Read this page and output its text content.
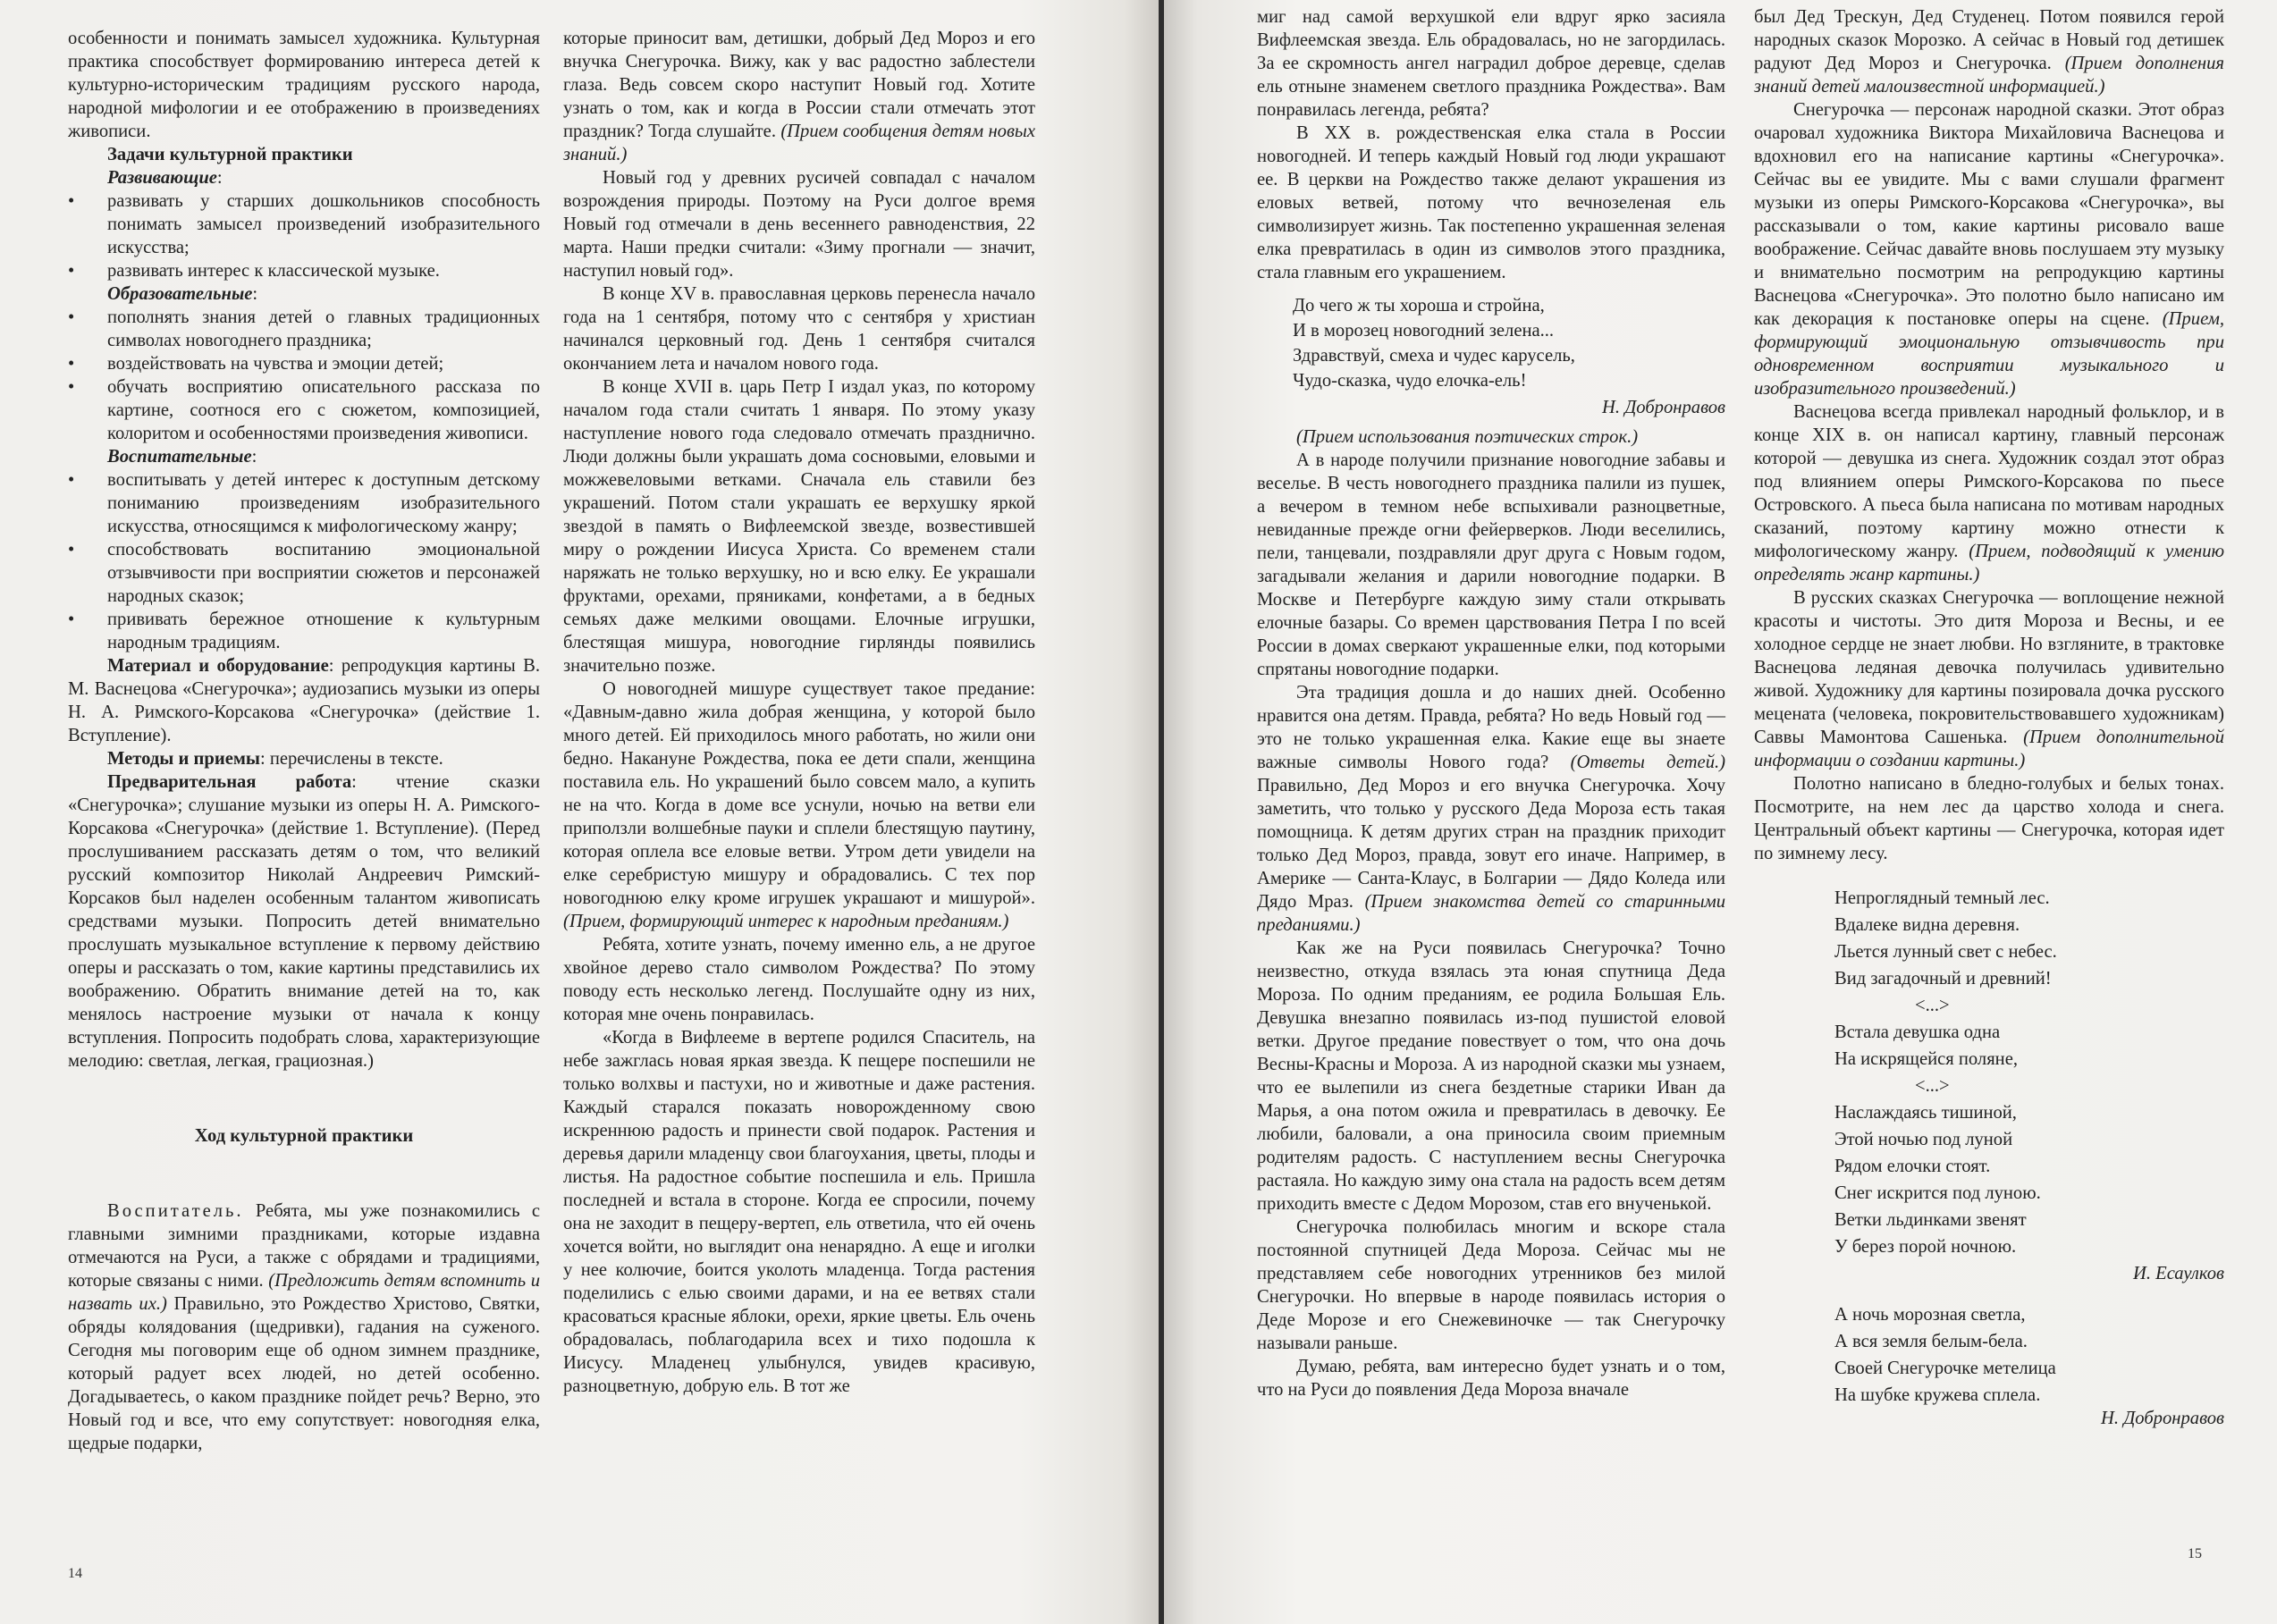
особенности и понимать замысел художника. Культурная практика способствует формированию интереса детей к культурно-историческим традициям русского народа, народной мифологии и ее отображению в произведениях живописи.

Задачи культурной практики

Развивающие:

•	развивать у старших дошкольников способность понимать замысел произведений изобразительного искусства;
•	развивать интерес к классической музыке.

Образовательные:

•	пополнять знания детей о главных традиционных символах новогоднего праздника;
•	воздействовать на чувства и эмоции детей;
•	обучать восприятию описательного рассказа по картине, соотнося его с сюжетом, композицией, колоритом и особенностями произведения живописи.

Воспитательные:

•	воспитывать у детей интерес к доступным детскому пониманию произведениям изобразительного искусства, относящимся к мифологическому жанру;
•	способствовать воспитанию эмоциональной отзывчивости при восприятии сюжетов и персонажей народных сказок;
•	прививать бережное отношение к культурным народным традициям.

Материал и оборудование: репродукция картины В. М. Васнецова «Снегурочка»; аудиозапись музыки из оперы Н. А. Римского-Корсакова «Снегурочка» (действие 1. Вступление).

Методы и приемы: перечислены в тексте.

Предварительная работа: чтение сказки «Снегурочка»; слушание музыки из оперы Н. А. Римского-Корсакова «Снегурочка» (действие 1. Вступление). (Перед прослушиванием рассказать детям о том, что великий русский композитор Николай Андреевич Римский-Корсаков был наделен особенным талантом живописать средствами музыки. Попросить детей внимательно прослушать музыкальное вступление к первому действию оперы и рассказать о том, какие картины представились их воображению. Обратить внимание детей на то, как менялось настроение музыки от начала к концу вступления. Попросить подобрать слова, характеризующие мелодию: светлая, легкая, грациозная.)

Ход культурной практики

Воспитатель. Ребята, мы уже познакомились с главными зимними праздниками, которые издавна отмечаются на Руси, а также с обрядами и традициями, которые связаны с ними. (Предложить детям вспомнить и назвать их.) Правильно, это Рождество Христово, Святки, обряды колядования (щедривки), гадания на суженого. Сегодня мы поговорим еще об одном зимнем празднике, который радует всех людей, но детей особенно. Догадываетесь, о каком празднике пойдет речь? Верно, это Новый год и все, что ему сопутствует: новогодняя елка, щедрые подарки,

которые приносит вам, детишки, добрый Дед Мороз и его внучка Снегурочка. Вижу, как у вас радостно заблестели глаза. Ведь совсем скоро наступит Новый год. Хотите узнать о том, как и когда в России стали отмечать этот праздник? Тогда слушайте. (Прием сообщения детям новых знаний.)

Новый год у древних русичей совпадал с началом возрождения природы. Поэтому на Руси долгое время Новый год отмечали в день весеннего равноденствия, 22 марта. Наши предки считали: «Зиму прогнали — значит, наступил новый год».

В конце XV в. православная церковь перенесла начало года на 1 сентября, потому что с сентября у христиан начинался церковный год. День 1 сентября считался окончанием лета и началом нового года.

В конце XVII в. царь Петр I издал указ, по которому началом года стали считать 1 января. По этому указу наступление нового года следовало отмечать празднично. Люди должны были украшать дома сосновыми, еловыми и можжевеловыми ветками. Сначала ель ставили без украшений. Потом стали украшать ее верхушку яркой звездой в память о Вифлеемской звезде, возвестившей миру о рождении Иисуса Христа. Со временем стали наряжать не только верхушку, но и всю елку. Ее украшали фруктами, орехами, пряниками, конфетами, а в бедных семьях даже мелкими овощами. Елочные игрушки, блестящая мишура, новогодние гирлянды появились значительно позже.

О новогодней мишуре существует такое предание: «Давным-давно жила добрая женщина, у которой было много детей. Ей приходилось много работать, но жили они бедно. Накануне Рождества, пока ее дети спали, женщина поставила ель. Но украшений было совсем мало, а купить не на что. Когда в доме все уснули, ночью на ветви ели приползли волшебные пауки и сплели блестящую паутину, которая оплела все еловые ветви. Утром дети увидели на елке серебристую мишуру и обрадовались. С тех пор новогоднюю елку кроме игрушек украшают и мишурой». (Прием, формирующий интерес к народным преданиям.)

Ребята, хотите узнать, почему именно ель, а не другое хвойное дерево стало символом Рождества? По этому поводу есть несколько легенд. Послушайте одну из них, которая мне очень понравилась.

«Когда в Вифлееме в вертепе родился Спаситель, на небе зажглась новая яркая звезда. К пещере поспешили не только волхвы и пастухи, но и животные и даже растения. Каждый старался показать новорожденному свою искреннюю радость и принести свой подарок. Растения и деревья дарили младенцу свои благоухания, цветы, плоды и листья. На радостное событие поспешила и ель. Пришла последней и встала в стороне. Когда ее спросили, почему она не заходит в пещеру-вертеп, ель ответила, что ей очень хочется войти, но выглядит она ненарядно. А еще и иголки у нее колючие, боится уколоть младенца. Тогда растения поделились с елью своими дарами, и на ее ветвях стали красоваться красные яблоки, орехи, яркие цветы. Ель очень обрадовалась, поблагодарила всех и тихо подошла к Иисусу. Младенец улыбнулся, увидев красивую, разноцветную, добрую ель. В тот же

14

миг над самой верхушкой ели вдруг ярко засияла Вифлеемская звезда. Ель обрадовалась, но не загордилась. За ее скромность ангел наградил доброе деревце, сделав ель отныне знаменем светлого праздника Рождества». Вам понравилась легенда, ребята?

В XX в. рождественская елка стала в России новогодней. И теперь каждый Новый год люди украшают ее. В церкви на Рождество также делают украшения из еловых ветвей, потому что вечнозеленая ель символизирует жизнь. Так постепенно украшенная зеленая елка превратилась в один из символов этого праздника, стала главным его украшением.

До чего ж ты хороша и стройна,
И в морозец новогодний зелена...
Здравствуй, смеха и чудес карусель,
Чудо-сказка, чудо елочка-ель!
Н. Добронравов

(Прием использования поэтических строк.)

А в народе получили признание новогодние забавы и веселье. В честь новогоднего праздника палили из пушек, а вечером в темном небе вспыхивали разноцветные, невиданные прежде огни фейерверков. Люди веселились, пели, танцевали, поздравляли друг друга с Новым годом, загадывали желания и дарили новогодние подарки. В Москве и Петербурге каждую зиму стали открывать елочные базары. Со времен царствования Петра I по всей России в домах сверкают украшенные елки, под которыми спрятаны новогодние подарки.

Эта традиция дошла и до наших дней. Особенно нравится она детям. Правда, ребята? Но ведь Новый год — это не только украшенная елка. Какие еще вы знаете важные символы Нового года? (Ответы детей.) Правильно, Дед Мороз и его внучка Снегурочка. Хочу заметить, что только у русского Деда Мороза есть такая помощница. К детям других стран на праздник приходит только Дед Мороз, правда, зовут его иначе. Например, в Америке — Санта-Клаус, в Болгарии — Дядо Коледа или Дядо Мраз. (Прием знакомства детей со старинными преданиями.)

Как же на Руси появилась Снегурочка? Точно неизвестно, откуда взялась эта юная спутница Деда Мороза. По одним преданиям, ее родила Большая Ель. Девушка внезапно появилась из-под пушистой еловой ветки. Другое предание повествует о том, что она дочь Весны-Красны и Мороза. А из народной сказки мы узнаем, что ее вылепили из снега бездетные старики Иван да Марья, а она потом ожила и превратилась в девочку. Ее любили, баловали, а она приносила своим приемным родителям радость. С наступлением весны Снегурочка растаяла. Но каждую зиму она стала на радость всем детям приходить вместе с Дедом Морозом, став его внученькой.

Снегурочка полюбилась многим и вскоре стала постоянной спутницей Деда Мороза. Сейчас мы не представляем себе новогодних утренников без милой Снегурочки. Но впервые в народе появилась история о Деде Морозе и его Снежевиночке — так Снегурочку называли раньше.

Думаю, ребята, вам интересно будет узнать и о том, что на Руси до появления Деда Мороза вначале

был Дед Трескун, Дед Студенец. Потом появился герой народных сказок Морозко. А сейчас в Новый год детишек радуют Дед Мороз и Снегурочка. (Прием дополнения знаний детей малоизвестной информацией.)

Снегурочка — персонаж народной сказки. Этот образ очаровал художника Виктора Михайловича Васнецова и вдохновил его на написание картины «Снегурочка». Сейчас вы ее увидите. Мы с вами слушали фрагмент музыки из оперы Римского-Корсакова «Снегурочка», вы рассказывали о том, какие картины рисовало ваше воображение. Сейчас давайте вновь послушаем эту музыку и внимательно посмотрим на репродукцию картины Васнецова «Снегурочка». Это полотно было написано им как декорация к постановке оперы на сцене. (Прием, формирующий эмоциональную отзывчивость при одновременном восприятии музыкального и изобразительного произведений.)

Васнецова всегда привлекал народный фольклор, и в конце XIX в. он написал картину, главный персонаж которой — девушка из снега. Художник создал этот образ под влиянием оперы Римского-Корсакова по пьесе Островского. А пьеса была написана по мотивам народных сказаний, поэтому картину можно отнести к мифологическому жанру. (Прием, подводящий к умению определять жанр картины.)

В русских сказках Снегурочка — воплощение нежной красоты и чистоты. Это дитя Мороза и Весны, и ее холодное сердце не знает любви. Но взгляните, в трактовке Васнецова ледяная девочка получилась удивительно живой. Художнику для картины позировала дочка русского мецената (человека, покровительствовавшего художникам) Саввы Мамонтова Сашенька. (Прием дополнительной информации о создании картины.)

Полотно написано в бледно-голубых и белых тонах. Посмотрите, на нем лес да царство холода и снега. Центральный объект картины — Снегурочка, которая идет по зимнему лесу.

Непроглядный темный лес.
Вдалеке видна деревня.
Льется лунный свет с небес.
Вид загадочный и древний!
<...>
Встала девушка одна
На искрящейся поляне,
<...>
Наслаждаясь тишиной,
Этой ночью под луной
Рядом елочки стоят.
Снег искрится под луною.
Ветки льдинками звенят
У берез порой ночною.
И. Есаулков
А ночь морозная светла,
А вся земля белым-бела.
Своей Снегурочке метелица
На шубке кружева сплела.
Н. Добронравов
15
